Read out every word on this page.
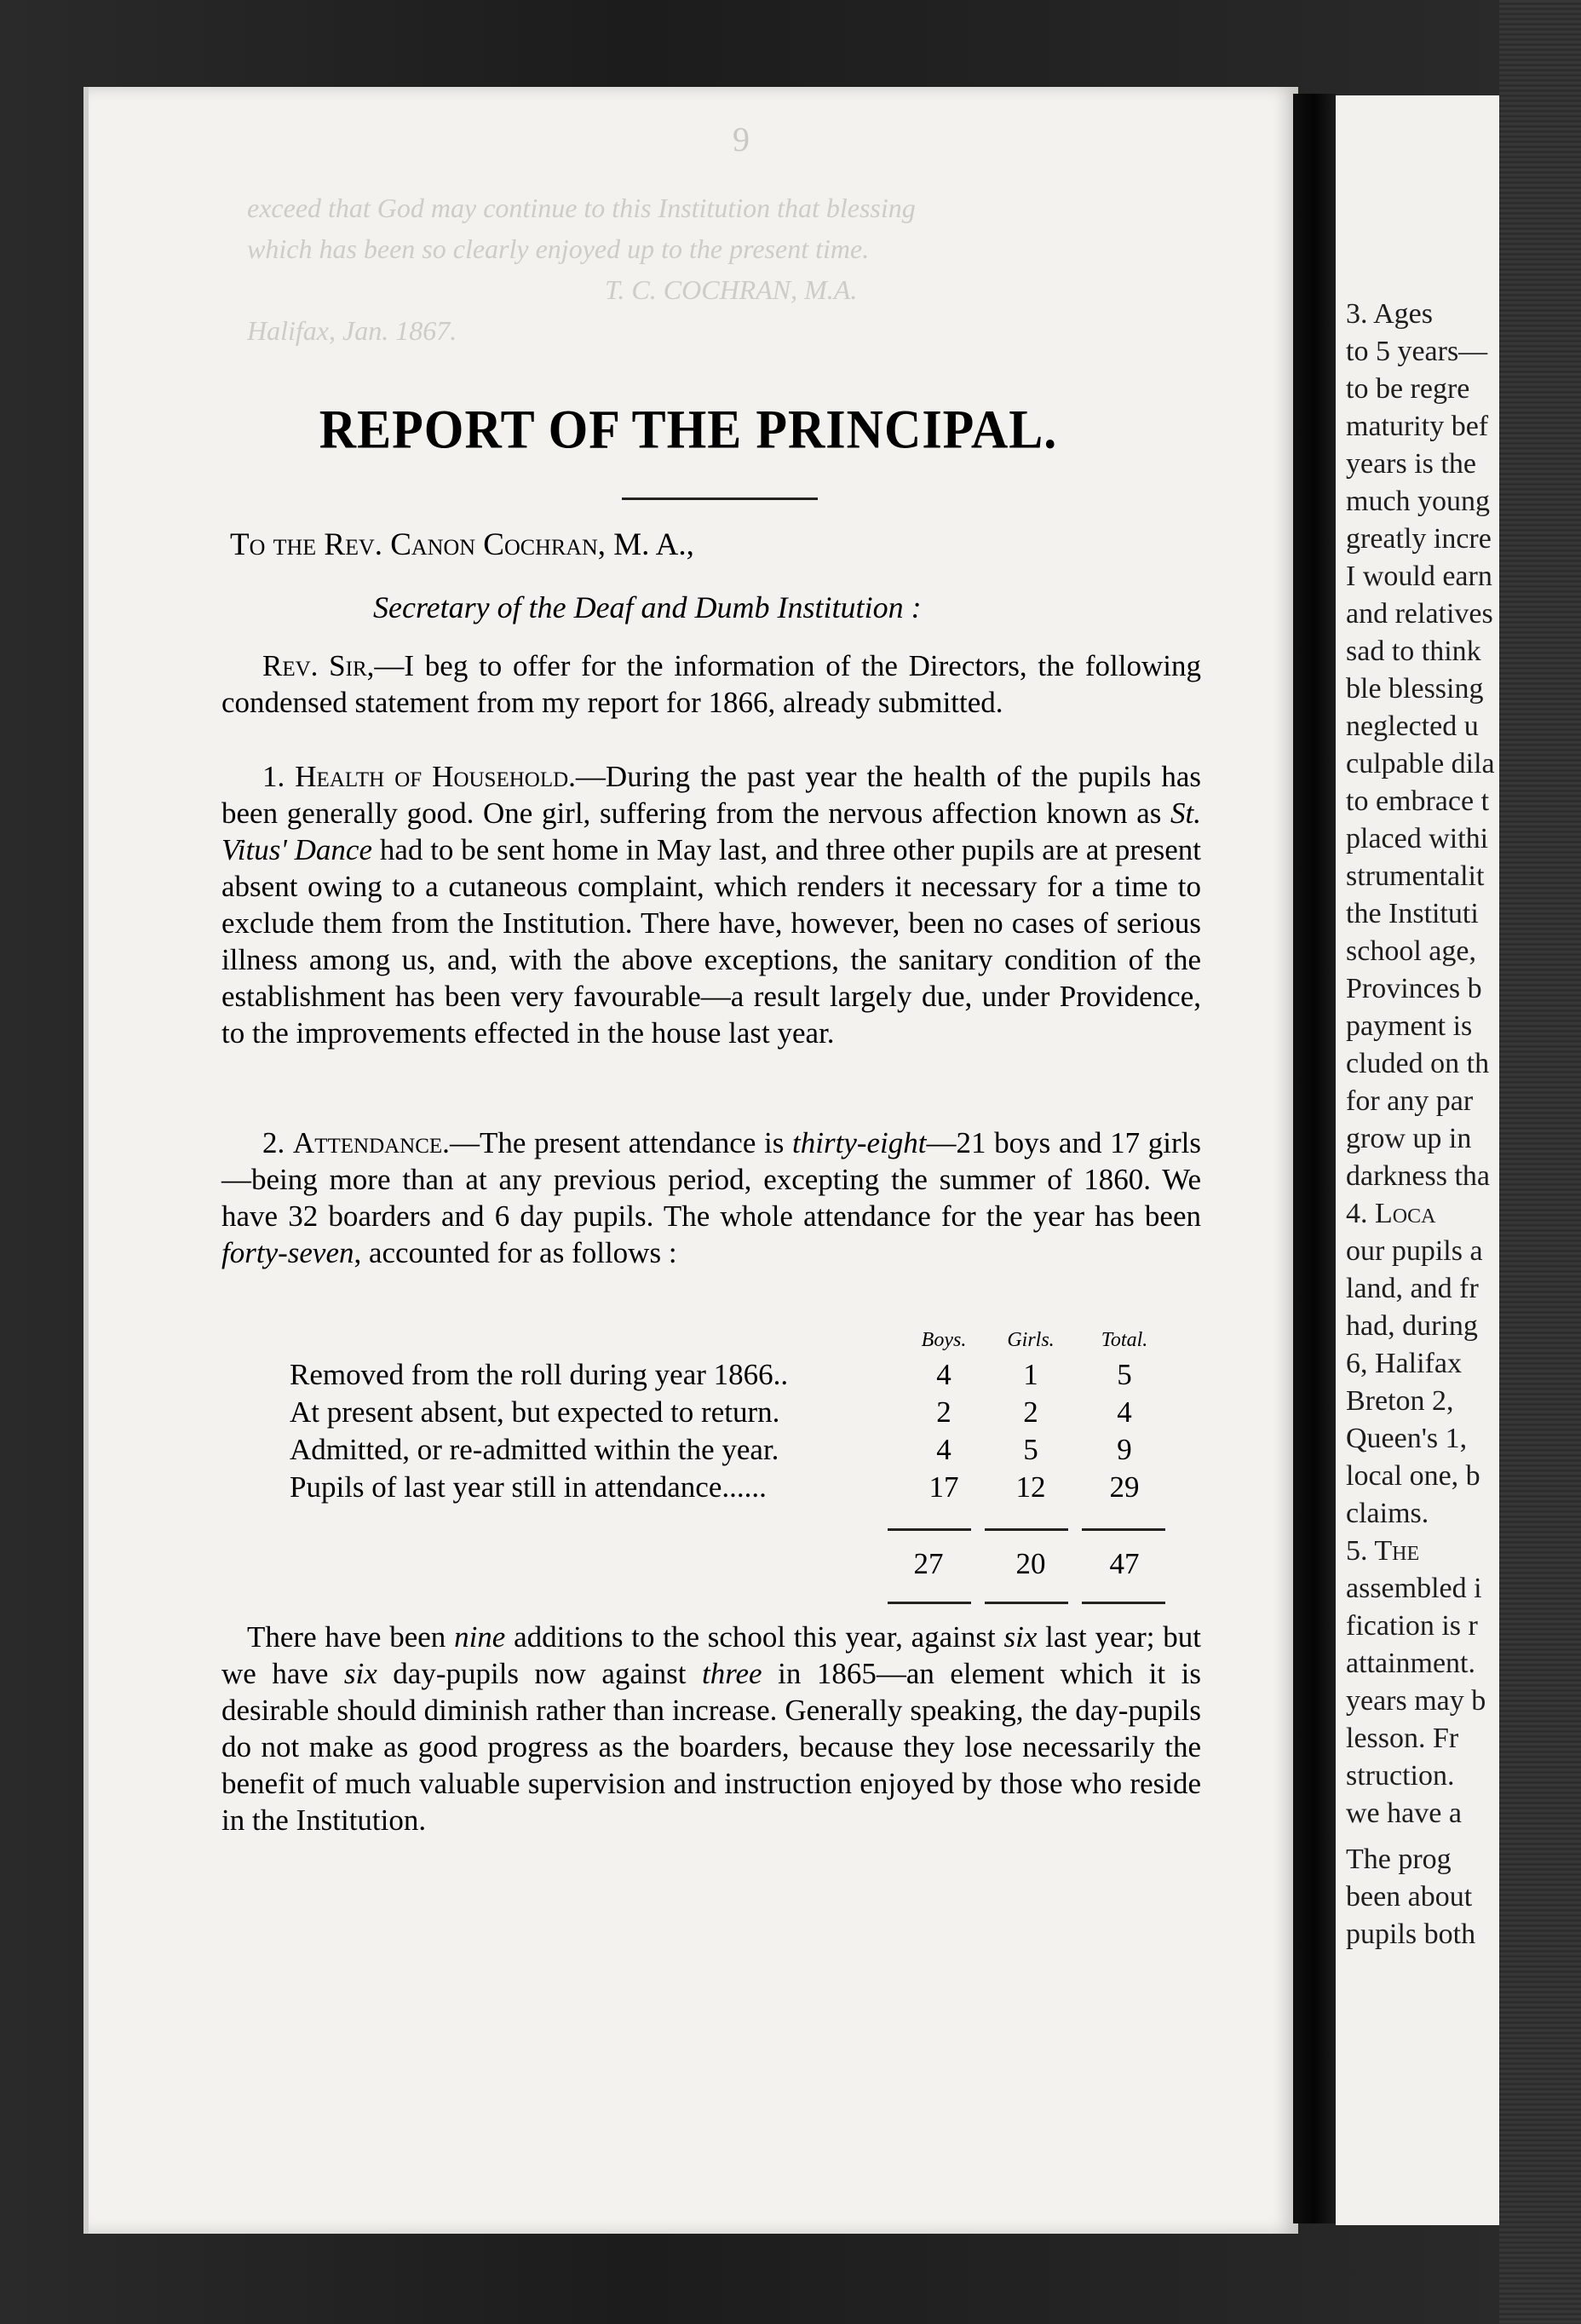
9
exceed that God may continue to this Institution that blessing
which has been so clearly enjoyed up to the present time.
T. C. COCHRAN, M.A.
Halifax, Jan. 1867.
REPORT OF THE PRINCIPAL.
To the Rev. Canon Cochran, M. A.,
Secretary of the Deaf and Dumb Institution :
Rev. Sir,—I beg to offer for the information of the Directors, the following condensed statement from my report for 1866, already submitted.
1. Health of Household.—During the past year the health of the pupils has been generally good. One girl, suffering from the nervous affection known as St. Vitus' Dance had to be sent home in May last, and three other pupils are at present absent owing to a cutaneous complaint, which renders it necessary for a time to exclude them from the Institution. There have, however, been no cases of serious illness among us, and, with the above exceptions, the sanitary condition of the establishment has been very favourable—a result largely due, under Providence, to the improvements effected in the house last year.
2. Attendance.—The present attendance is thirty-eight—21 boys and 17 girls—being more than at any previous period, excepting the summer of 1860. We have 32 boarders and 6 day pupils. The whole attendance for the year has been forty-seven, accounted for as follows :
Boys.	Girls.	Total.
Removed from the roll during year 1866..	4	1	5
At present absent, but expected to return.	2	2	4
Admitted, or re-admitted within the year.	4	5	9
Pupils of last year still in attendance......	17	12	29
27	20	47
There have been nine additions to the school this year, against six last year; but we have six day-pupils now against three in 1865—an element which it is desirable should diminish rather than increase. Generally speaking, the day-pupils do not make as good progress as the boarders, because they lose necessarily the benefit of much valuable supervision and instruction enjoyed by those who reside in the Institution.
3. Ages
to 5 years—
to be regre
maturity bef
years is the
much young
greatly incre
I would earn
and relatives
sad to think
ble blessing
neglected u
culpable dila
to embrace t
placed withi
strumentalit
the Instituti
school age,
Provinces b
payment is
cluded on th
for any par
grow up in
darkness tha
4. Loca
our pupils a
land, and fr
had, during
6, Halifax
Breton 2,
Queen's 1,
local one, b
claims.
5. The
assembled i
fication is r
attainment.
years may b
lesson. Fr
struction.
we have a
The prog
been about
pupils both
